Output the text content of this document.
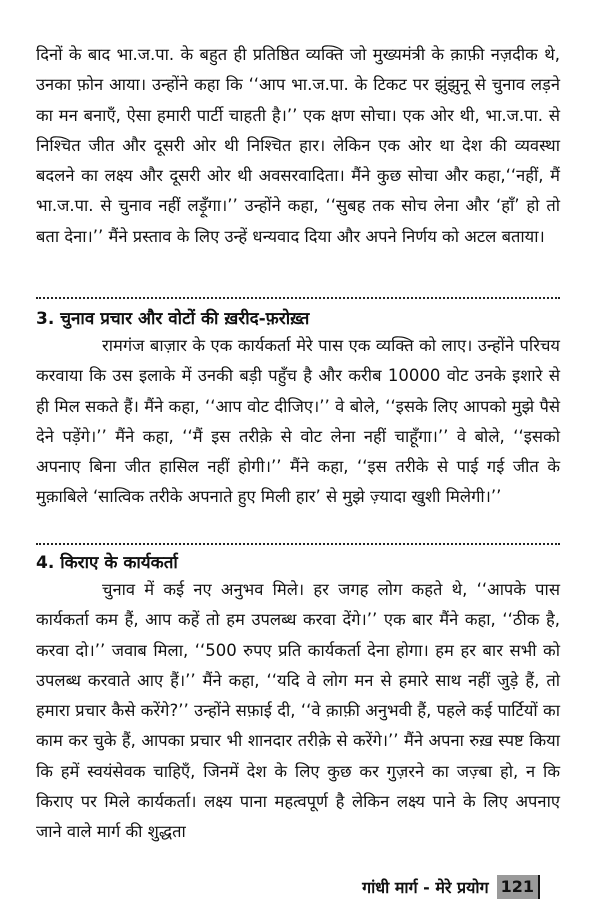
दिनों के बाद भा.ज.पा. के बहुत ही प्रतिष्ठित व्यक्ति जो मुख्यमंत्री के क़ाफ़ी नज़दीक थे, उनका फ़ोन आया। उन्होंने कहा कि ‘‘आप भा.ज.पा. के टिकट पर झुंझुनू से चुनाव लड़ने का मन बनाएँ, ऐसा हमारी पार्टी चाहती है।’’ एक क्षण सोचा। एक ओर थी, भा.ज.पा. से निश्चित जीत और दूसरी ओर थी निश्चित हार। लेकिन एक ओर था देश की व्यवस्था बदलने का लक्ष्य और दूसरी ओर थी अवसरवादिता। मैंने कुछ सोचा और कहा,‘‘नहीं, मैं भा.ज.पा. से चुनाव नहीं लड़ूँगा।’’ उन्होंने कहा, ‘‘सुबह तक सोच लेना और ‘हाँ’ हो तो बता देना।’’ मैंने प्रस्ताव के लिए उन्हें धन्यवाद दिया और अपने निर्णय को अटल बताया।

3. चुनाव प्रचार और वोटों की ख़रीद-फ़रोख़्त

रामगंज बाज़ार के एक कार्यकर्ता मेरे पास एक व्यक्ति को लाए। उन्होंने परिचय करवाया कि उस इलाके में उनकी बड़ी पहुँच है और करीब 10000 वोट उनके इशारे से ही मिल सकते हैं। मैंने कहा, ‘‘आप वोट दीजिए।’’ वे बोले, ‘‘इसके लिए आपको मुझे पैसे देने पड़ेंगे।’’ मैंने कहा, ‘‘मैं इस तरीक़े से वोट लेना नहीं चाहूँगा।’’ वे बोले, ‘‘इसको अपनाए बिना जीत हासिल नहीं होगी।’’ मैंने कहा, ‘‘इस तरीके से पाई गई जीत के मुक़ाबिले ‘सात्विक तरीके अपनाते हुए मिली हार’ से मुझे ज़्यादा खुशी मिलेगी।’’

4. किराए के कार्यकर्ता

चुनाव में कई नए अनुभव मिले। हर जगह लोग कहते थे, ‘‘आपके पास कार्यकर्ता कम हैं, आप कहें तो हम उपलब्ध करवा देंगे।’’ एक बार मैंने कहा, ‘‘ठीक है, करवा दो।’’ जवाब मिला, ‘‘500 रुपए प्रति कार्यकर्ता देना होगा। हम हर बार सभी को उपलब्ध करवाते आए हैं।’’ मैंने कहा, ‘‘यदि वे लोग मन से हमारे साथ नहीं जुड़े हैं, तो हमारा प्रचार कैसे करेंगे?’’ उन्होंने सफ़ाई दी, ‘‘वे क़ाफ़ी अनुभवी हैं, पहले कई पार्टियों का काम कर चुके हैं, आपका प्रचार भी शानदार तरीक़े से करेंगे।’’ मैंने अपना रुख़ स्पष्ट किया कि हमें स्वयंसेवक चाहिएँ, जिनमें देश के लिए कुछ कर गुज़रने का जज़्बा हो, न कि किराए पर मिले कार्यकर्ता। लक्ष्य पाना महत्वपूर्ण है लेकिन लक्ष्य पाने के लिए अपनाए जाने वाले मार्ग की शुद्धता

गांधी मार्ग - मेरे प्रयोग 121
